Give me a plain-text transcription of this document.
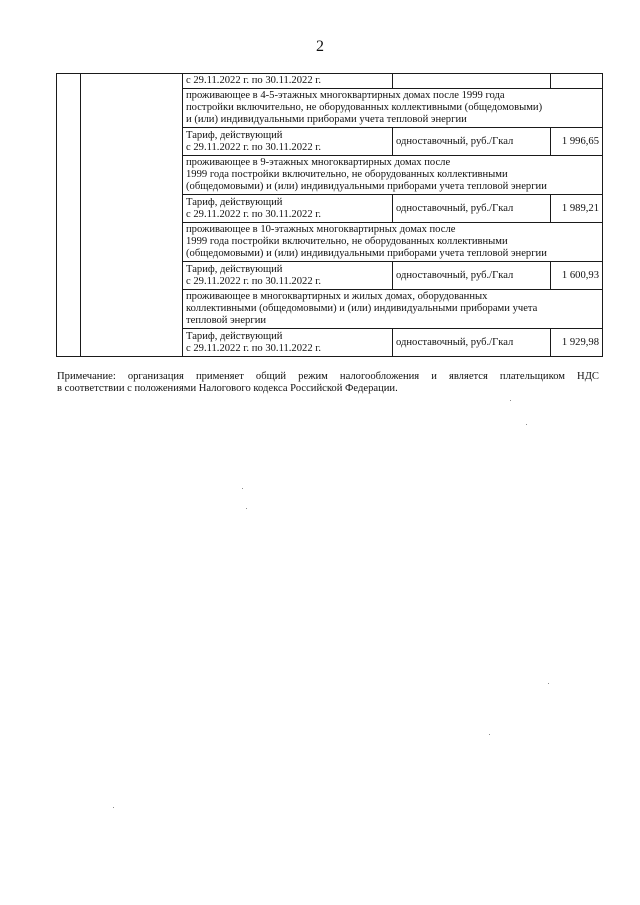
2

		с 29.11.2022 г. по 30.11.2022 г.		

		проживающее в 4-5-этажных многоквартирных домах после 1999 года
постройки включительно, не оборудованных коллективными (общедомовыми)
и (или) индивидуальными приборами учета тепловой энергии		

		Тариф, действующий
с 29.11.2022 г. по 30.11.2022 г.	одноставочный, руб./Гкал	1 996,65

		проживающее в 9-этажных многоквартирных домах после
1999 года постройки включительно, не оборудованных коллективными
(общедомовыми) и (или) индивидуальными приборами учета тепловой энергии		

		Тариф, действующий
с 29.11.2022 г. по 30.11.2022 г.	одноставочный, руб./Гкал	1 989,21

		проживающее в 10-этажных многоквартирных домах после
1999 года постройки включительно, не оборудованных коллективными
(общедомовыми) и (или) индивидуальными приборами учета тепловой энергии		

		Тариф, действующий
с 29.11.2022 г. по 30.11.2022 г.	одноставочный, руб./Гкал	1 600,93

		проживающее в многоквартирных и жилых домах, оборудованных
коллективными (общедомовыми) и (или) индивидуальными приборами учета
тепловой энергии		

		Тариф, действующий
с 29.11.2022 г. по 30.11.2022 г.	одноставочный, руб./Гкал	1 929,98
Примечание: организация применяет общий режим налогообложения и является плательщиком НДС
в соответствии с положениями Налогового кодекса Российской Федерации.
